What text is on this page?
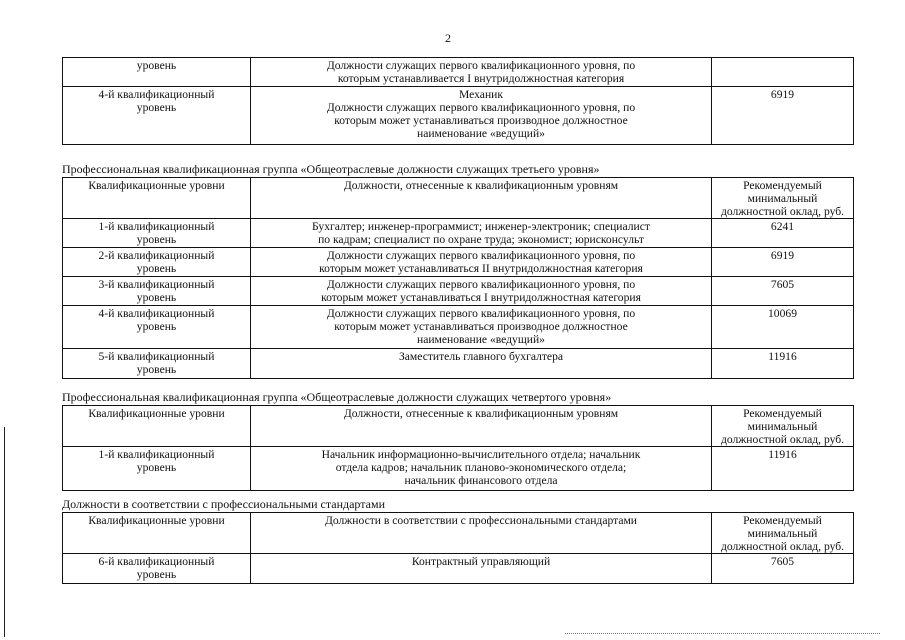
2
уровень	Должности служащих первого квалификационного уровня, по
которым устанавливается I внутридолжностная категория	

4-й квалификационный уровень	Механик
Должности служащих первого квалификационного уровня, по
которым может устанавливаться производное должностное
наименование «ведущий»	6919
Профессиональная квалификационная группа «Общеотраслевые должности служащих третьего уровня»
Квалификационные уровни	Должности, отнесенные к квалификационным уровням	Рекомендуемый минимальный должностной оклад, руб.

1-й квалификационный уровень	Бухгалтер; инженер-программист; инженер-электроник; специалист
по кадрам; специалист по охране труда; экономист; юрисконсульт	6241

2-й квалификационный уровень	Должности служащих первого квалификационного уровня, по
которым может устанавливаться II внутридолжностная категория	6919

3-й квалификационный уровень	Должности служащих первого квалификационного уровня, по
которым может устанавливаться I внутридолжностная категория	7605

4-й квалификационный уровень	Должности служащих первого квалификационного уровня, по
которым может устанавливаться производное должностное
наименование «ведущий»	10069

5-й квалификационный уровень	Заместитель главного бухгалтера	11916
Профессиональная квалификационная группа «Общеотраслевые должности служащих четвертого уровня»
Квалификационные уровни	Должности, отнесенные к квалификационным уровням	Рекомендуемый минимальный должностной оклад, руб.

1-й квалификационный уровень	Начальник информационно-вычислительного отдела; начальник
отдела кадров; начальник планово-экономического отдела;
начальник финансового отдела	11916
Должности в соответствии с профессиональными стандартами
Квалификационные уровни	Должности в соответствии с профессиональными стандартами	Рекомендуемый минимальный должностной оклад, руб.

6-й квалификационный уровень	Контрактный управляющий	7605
